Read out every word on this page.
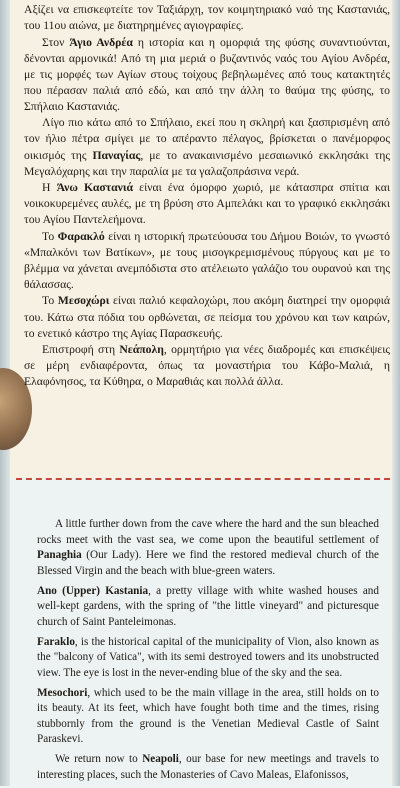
Αξίζει να επισκεφτείτε τον Ταξιάρχη, τον κοιμητηριακό ναό της Καστανιάς, του 11ου αιώνα, με διατηρημένες αγιογραφίες.

Στον Άγιο Ανδρέα η ιστορία και η ομορφιά της φύσης συναντιούνται, δένονται αρμονικά! Από τη μια μεριά ο βυζαντινός ναός του Αγίου Ανδρέα, με τις μορφές των Αγίων στους τοίχους βεβηλωμένες από τους κατακτητές που πέρασαν παλιά από εδώ, και από την άλλη το θαύμα της φύσης, το Σπήλαιο Καστανιάς.

Λίγο πιο κάτω από το Σπήλαιο, εκεί που η σκληρή και ξασπρισμένη από τον ήλιο πέτρα σμίγει με το απέραντο πέλαγος, βρίσκεται ο πανέμορφος οικισμός της Παναγίας, με το ανακαινισμένο μεσαιωνικό εκκλησάκι της Μεγαλόχαρης και την παραλία με τα γαλαζοπράσινα νερά.

Η Άνω Καστανιά είναι ένα όμορφο χωριό, με κάτασπρα σπίτια και νοικοκυρεμένες αυλές, με τη βρύση στο Αμπελάκι και το γραφικό εκκλησάκι του Αγίου Παντελεήμονα.

Το Φαρακλό είναι η ιστορική πρωτεύουσα του Δήμου Βοιών, το γνωστό «Μπαλκόνι των Βατίκων», με τους μισογκρεμισμένους πύργους και με το βλέμμα να χάνεται ανεμπόδιστα στο ατέλειωτο γαλάζιο του ουρανού και της θάλασσας.

Το Μεσοχώρι είναι παλιό κεφαλοχώρι, που ακόμη διατηρεί την ομορφιά του. Κάτω στα πόδια του ορθώνεται, σε πείσμα του χρόνου και των καιρών, το ενετικό κάστρο της Αγίας Παρασκευής.

Επιστροφή στη Νεάπολη, ορμητήριο για νέες διαδρομές και επισκέψεις σε μέρη ενδιαφέροντα, όπως τα μοναστήρια του Κάβο-Μαλιά, η Ελαφόνησος, τα Κύθηρα, ο Μαραθιάς και πολλά άλλα.

A little further down from the cave where the hard and the sun bleached rocks meet with the vast sea, we come upon the beautiful settlement of Panaghia (Our Lady). Here we find the restored medieval church of the Blessed Virgin and the beach with blue-green waters.

Ano (Upper) Kastania, a pretty village with white washed houses and well-kept gardens, with the spring of "the little vineyard" and picturesque church of Saint Panteleimonas.

Faraklo, is the historical capital of the municipality of Vion, also known as the "balcony of Vatica", with its semi destroyed towers and its unobstructed view. The eye is lost in the never-ending blue of the sky and the sea.

Mesochori, which used to be the main village in the area, still holds on to its beauty. At its feet, which have fought both time and the times, rising stubbornly from the ground is the Venetian Medieval Castle of Saint Paraskevi.

We return now to Neapoli, our base for new meetings and travels to interesting places, such the Monasteries of Cavo Maleas, Elafonissos,
